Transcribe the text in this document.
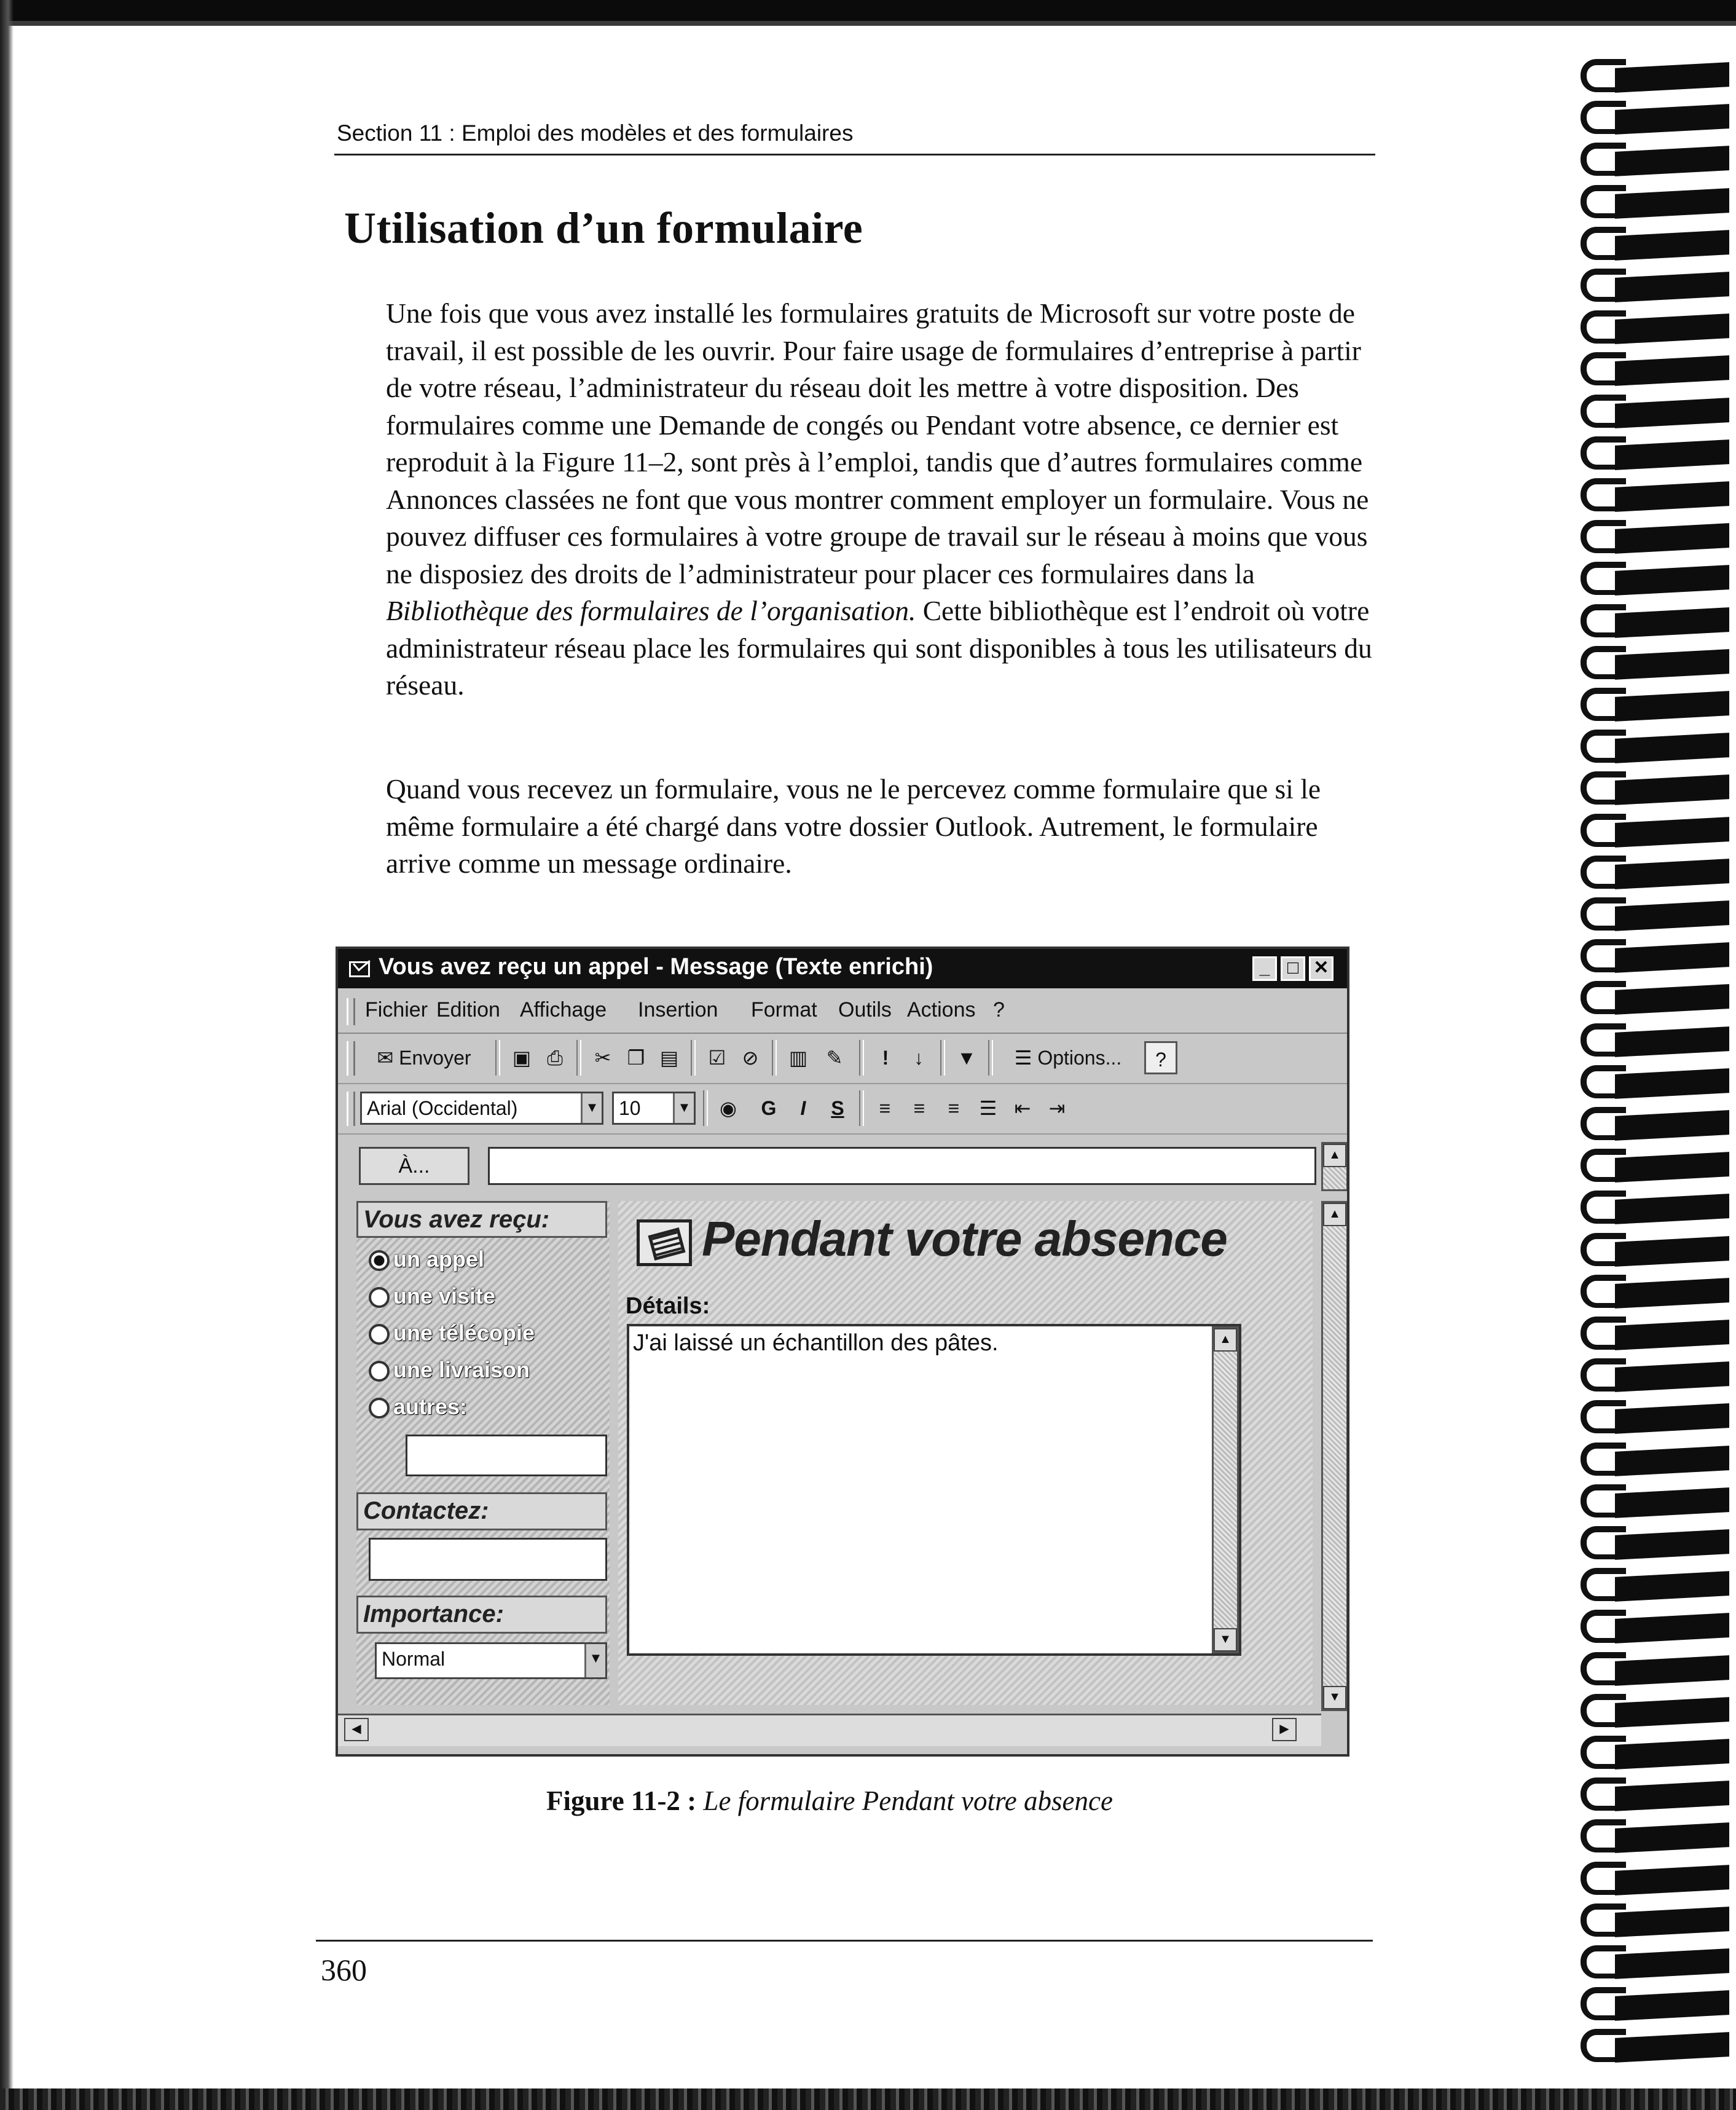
Section 11 : Emploi des modèles et des formulaires
Utilisation d’un formulaire

Une fois que vous avez installé les formulaires gratuits de Microsoft sur votre poste de travail, il est possible de les ouvrir. Pour faire usage de formulaires d’entreprise à partir de votre réseau, l’administrateur du réseau doit les mettre à votre disposition. Des formulaires comme une Demande de congés ou Pendant votre absence, ce dernier est reproduit à la Figure 11–2, sont près à l’emploi, tandis que d’autres formulaires comme Annonces classées ne font que vous montrer comment employer un formulaire. Vous ne pouvez diffuser ces formulaires à votre groupe de travail sur le réseau à moins que vous ne disposiez des droits de l’administrateur pour placer ces formulaires dans la Bibliothèque des formulaires de l’organisation. Cette bibliothèque est l’endroit où votre administrateur réseau place les formulaires qui sont disponibles à tous les utilisateurs du réseau.

Quand vous recevez un formulaire, vous ne le percevez comme formulaire que si le même formulaire a été chargé dans votre dossier Outlook. Autrement, le formulaire arrive comme un message ordinaire.

Vous avez reçu un appel - Message (Texte enrichi)	_ □ ✕
Fichier Edition Affichage Insertion Format Outils Actions ?
✉ Envoyer	▣ ⎙	✂ ❐ ▤	☑ ⊘	▥ ✎	!	↓	▼	☰ Options...	?
Arial (Occidental)	▼	10	▼	◉	G	I	S	≡	≡	≡	☰ ⇤ ⇥
À...	▲
Vous avez reçu:
un appel
une visite
une télécopie
une livraison
autres:
Contactez:
Importance:
Normal	▼
Pendant votre absence
Détails:
J'ai laissé un échantillon des pâtes.	▲
▼
▲
▼
◀	▶
Figure 11-2 : Le formulaire Pendant votre absence
360
